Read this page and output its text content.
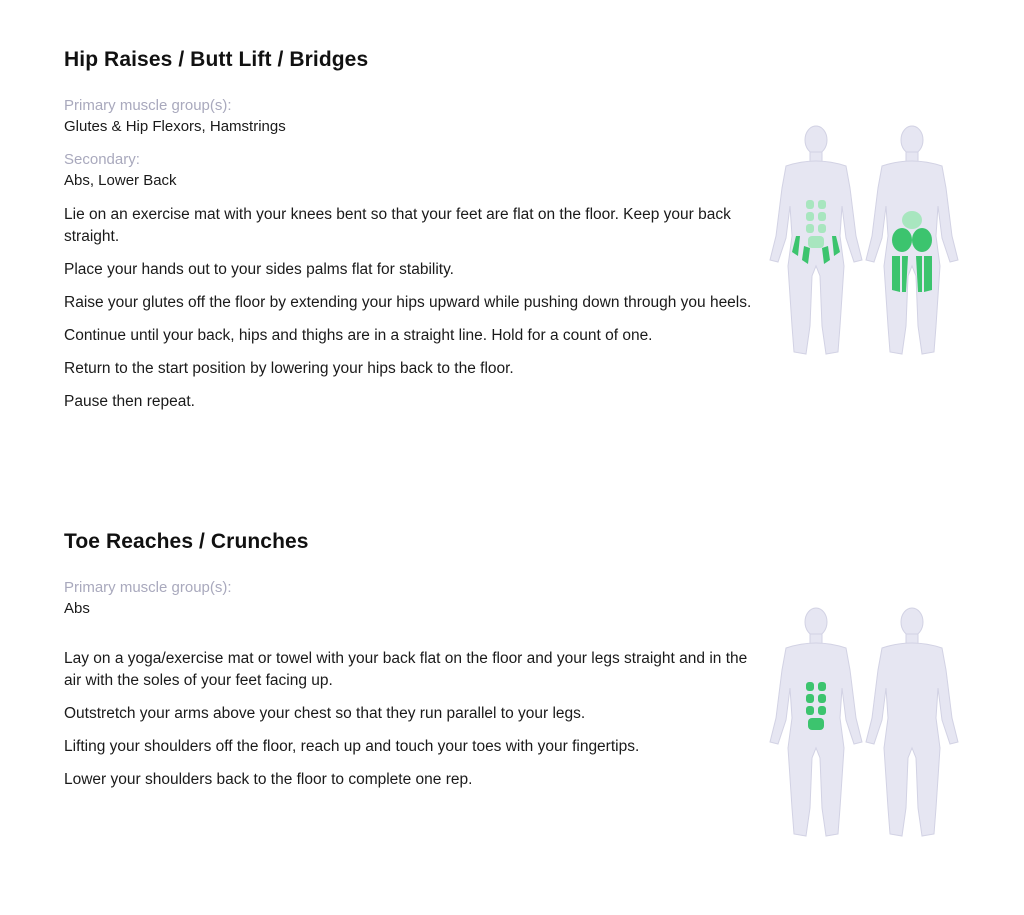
Hip Raises / Butt Lift / Bridges

Primary muscle group(s):

Glutes & Hip Flexors, Hamstrings

Secondary:

Abs, Lower Back

Lie on an exercise mat with your knees bent so that your feet are flat on the floor. Keep your back straight.

Place your hands out to your sides palms flat for stability.

Raise your glutes off the floor by extending your hips upward while pushing down through you heels.

Continue until your back, hips and thighs are in a straight line. Hold for a count of one.

Return to the start position by lowering your hips back to the floor.

Pause then repeat.

Toe Reaches / Crunches

Primary muscle group(s):

Abs

Lay on a yoga/exercise mat or towel with your back flat on the floor and your legs straight and in the air with the soles of your feet facing up.

Outstretch your arms above your chest so that they run parallel to your legs.

Lifting your shoulders off the floor, reach up and touch your toes with your fingertips.

Lower your shoulders back to the floor to complete one rep.
